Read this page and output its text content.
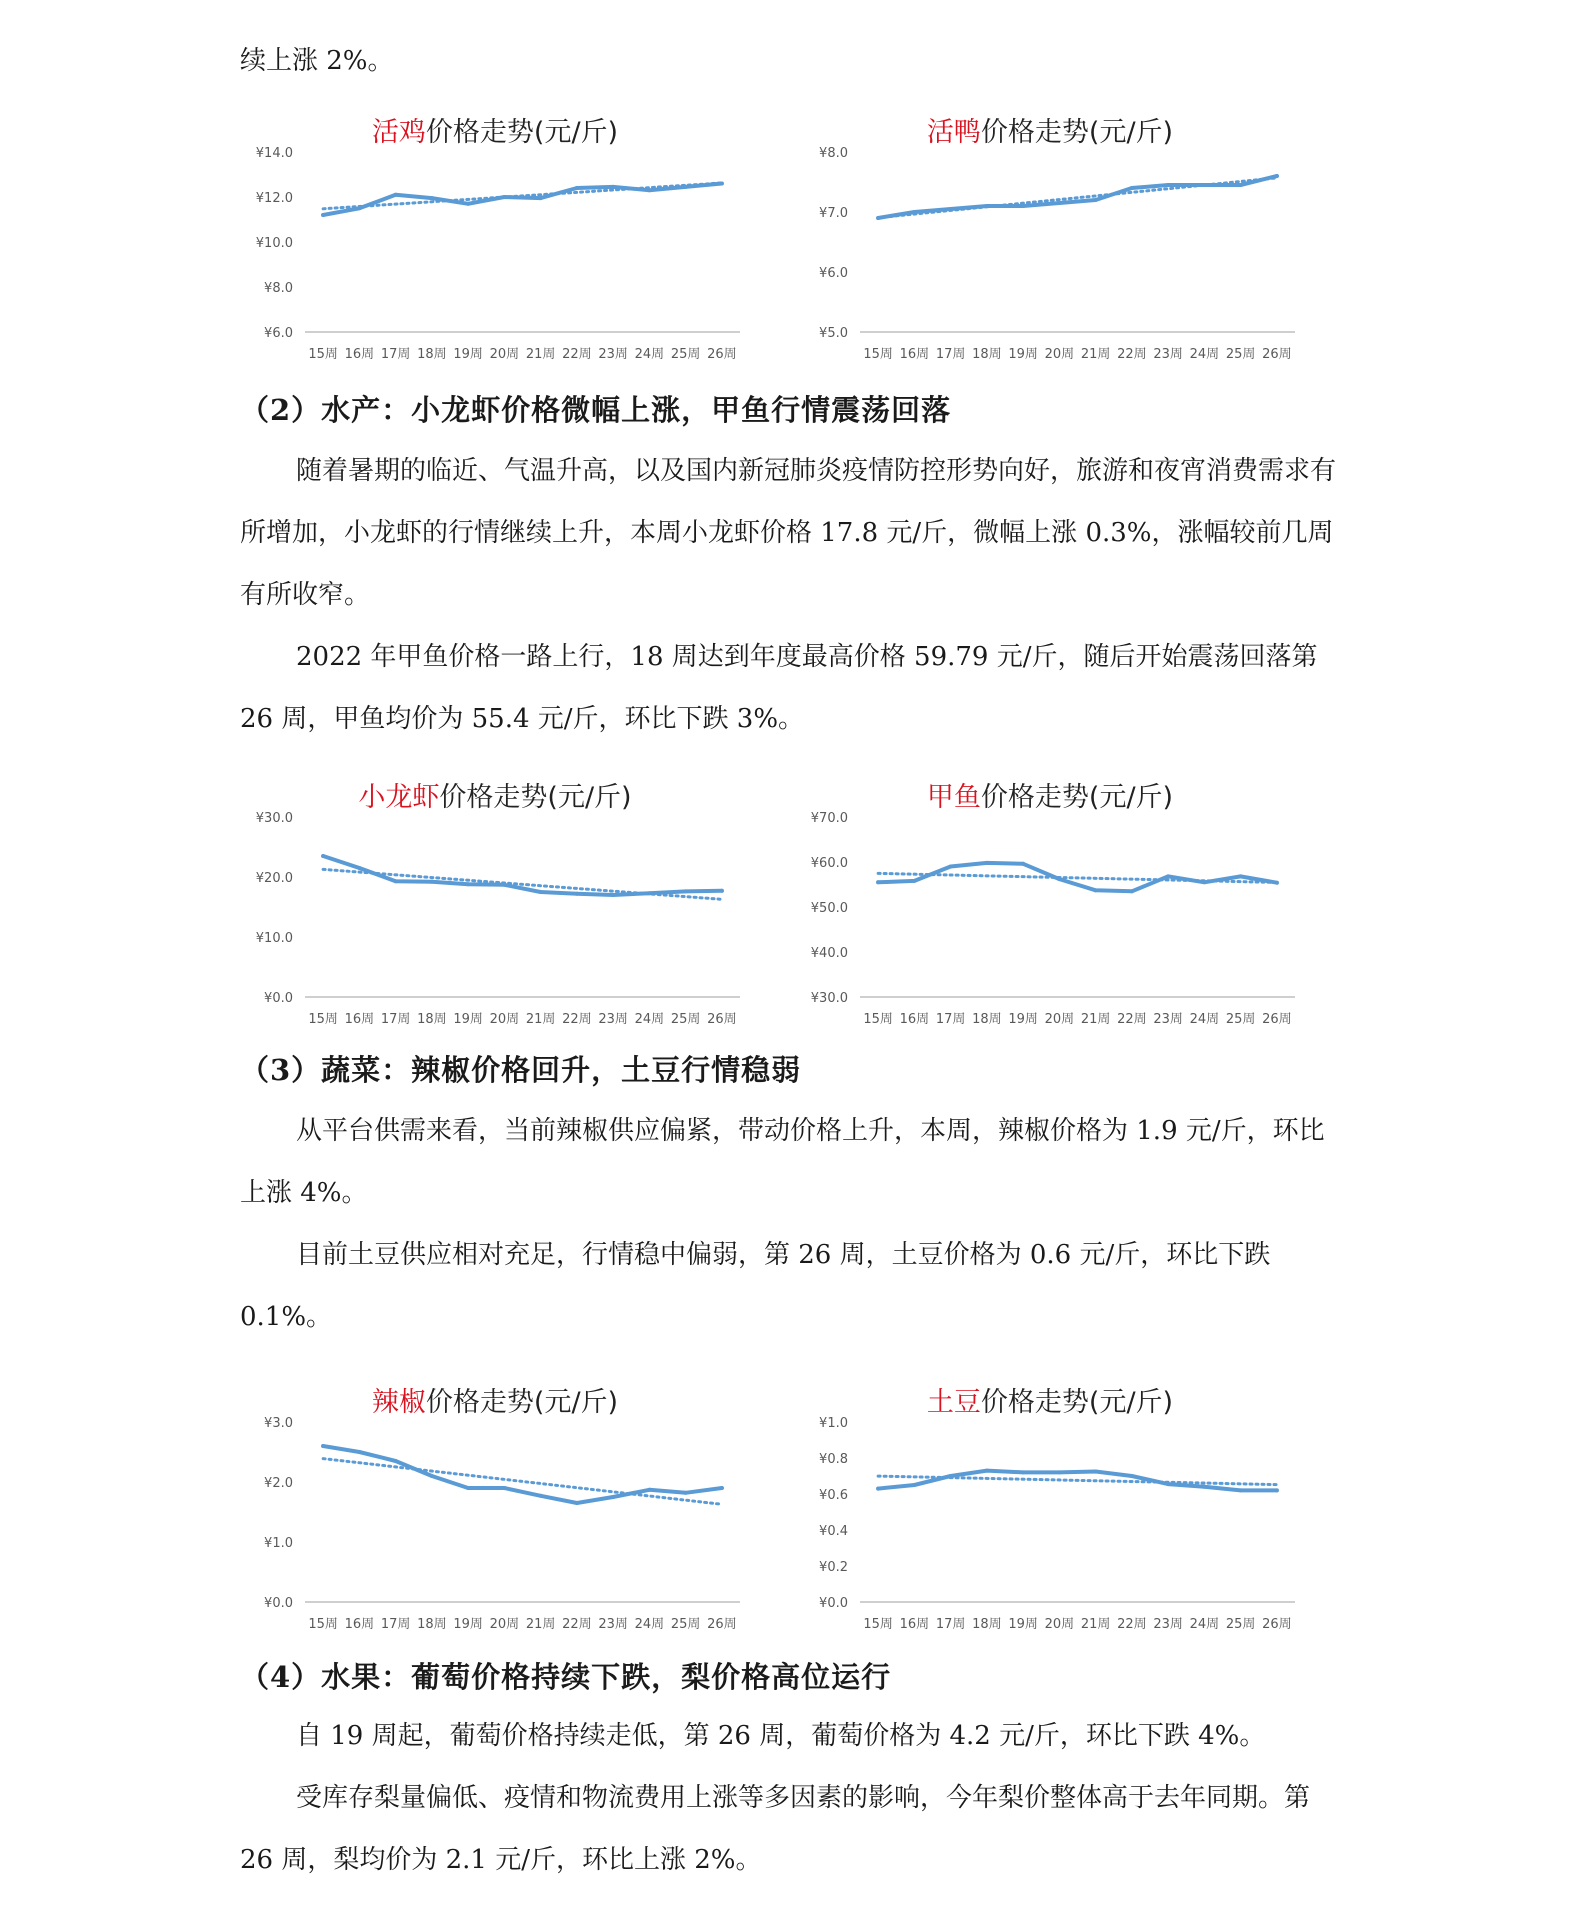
续上涨 2%。

活鸡价格走势(元/斤)
¥6.0
¥8.0
¥10.0
¥12.0
¥14.0
15周 16周 17周 18周 19周 20周 21周 22周 23周 24周 25周 26周
活鸭价格走势(元/斤)
¥5.0
¥6.0
¥7.0
¥8.0
15周 16周 17周 18周 19周 20周 21周 22周 23周 24周 25周 26周
（2）水产：小龙虾价格微幅上涨，甲鱼行情震荡回落

随着暑期的临近、气温升高，以及国内新冠肺炎疫情防控形势向好，旅游和夜宵消费需求有所增加，小龙虾的行情继续上升，本周小龙虾价格 17.8 元/斤，微幅上涨 0.3%，涨幅较前几周有所收窄。

2022 年甲鱼价格一路上行，18 周达到年度最高价格 59.79 元/斤，随后开始震荡回落第 26 周，甲鱼均价为 55.4 元/斤，环比下跌 3%。

小龙虾价格走势(元/斤)
¥0.0
¥10.0
¥20.0
¥30.0
15周 16周 17周 18周 19周 20周 21周 22周 23周 24周 25周 26周
甲鱼价格走势(元/斤)
¥30.0
¥40.0
¥50.0
¥60.0
¥70.0
15周 16周 17周 18周 19周 20周 21周 22周 23周 24周 25周 26周
（3）蔬菜：辣椒价格回升，土豆行情稳弱

从平台供需来看，当前辣椒供应偏紧，带动价格上升，本周，辣椒价格为 1.9 元/斤，环比上涨 4%。

目前土豆供应相对充足，行情稳中偏弱，第 26 周，土豆价格为 0.6 元/斤，环比下跌 0.1%。

辣椒价格走势(元/斤)
¥0.0
¥1.0
¥2.0
¥3.0
15周 16周 17周 18周 19周 20周 21周 22周 23周 24周 25周 26周
土豆价格走势(元/斤)
¥0.0
¥0.2
¥0.4
¥0.6
¥0.8
¥1.0
15周 16周 17周 18周 19周 20周 21周 22周 23周 24周 25周 26周
（4）水果：葡萄价格持续下跌，梨价格高位运行

自 19 周起，葡萄价格持续走低，第 26 周，葡萄价格为 4.2 元/斤，环比下跌 4%。

受库存梨量偏低、疫情和物流费用上涨等多因素的影响，今年梨价整体高于去年同期。第 26 周，梨均价为 2.1 元/斤，环比上涨 2%。
